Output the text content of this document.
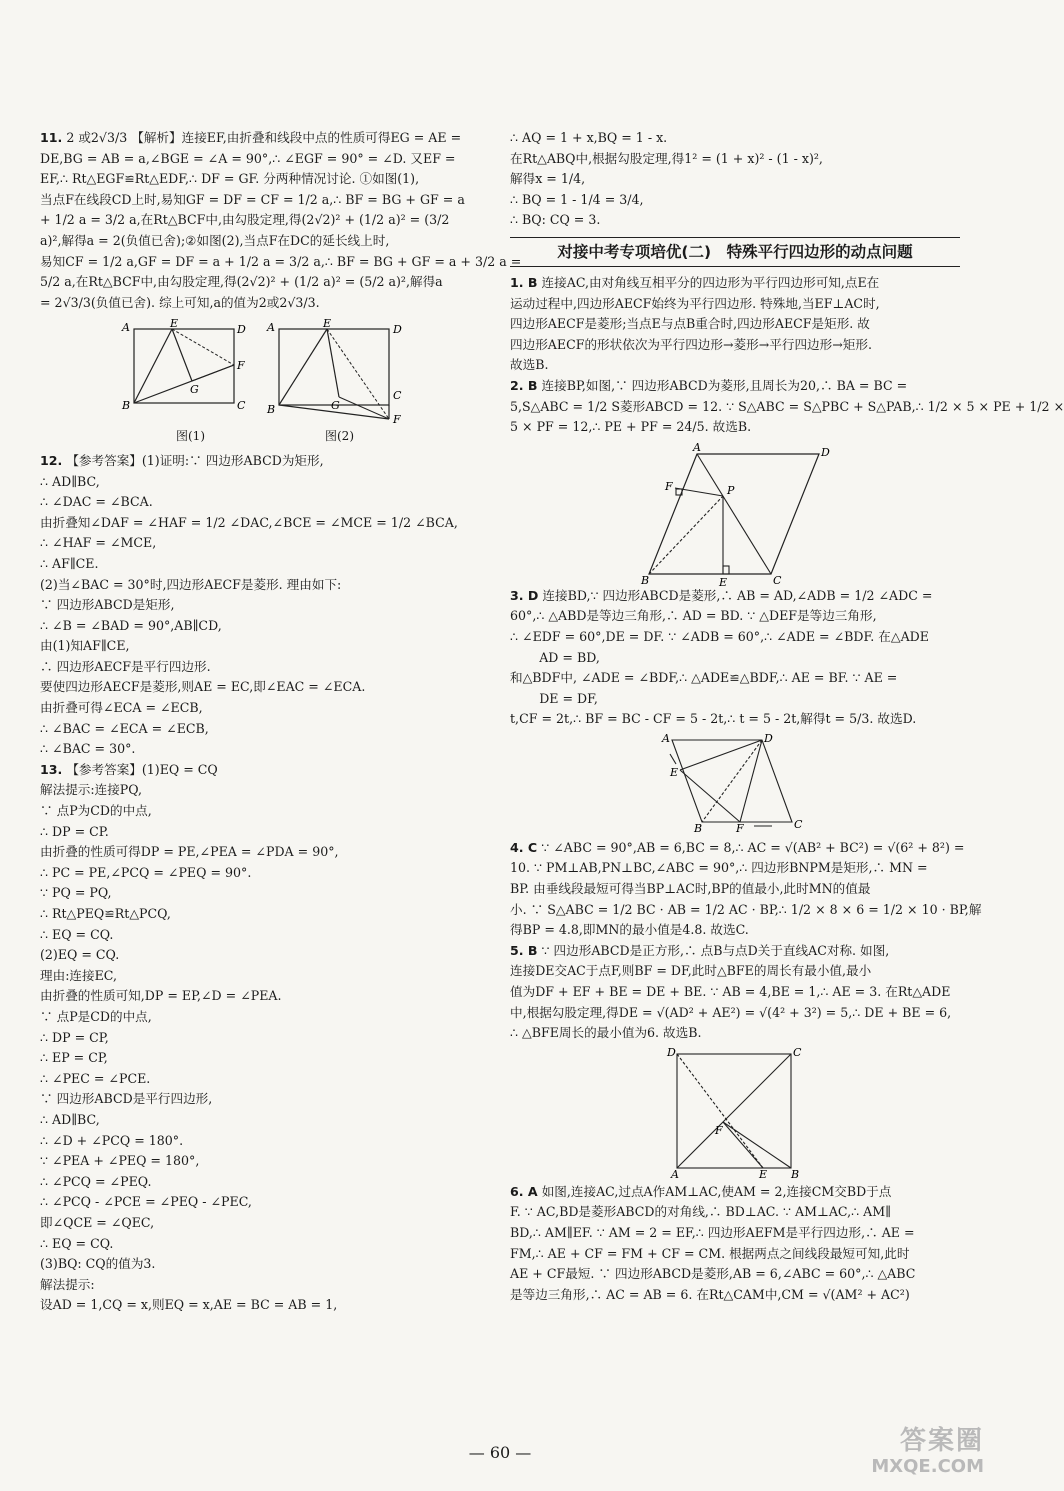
11. 2 或2√3/3 【解析】连接EF,由折叠和线段中点的性质可得EG = AE =

DE,BG = AB = a,∠BGE = ∠A = 90°,∴ ∠EGF = 90° = ∠D. 又EF =

EF,∴ Rt△EGF≌Rt△EDF,∴ DF = GF. 分两种情况讨论. ①如图(1),

当点F在线段CD上时,易知GF = DF = CF = 1/2 a,∴ BF = BG + GF = a

+ 1/2 a = 3/2 a,在Rt△BCF中,由勾股定理,得(2√2)² + (1/2 a)² = (3/2

a)²,解得a = 2(负值已舍);②如图(2),当点F在DC的延长线上时,

易知CF = 1/2 a,GF = DF = a + 1/2 a = 3/2 a,∴ BF = BG + GF = a + 3/2 a =

5/2 a,在Rt△BCF中,由勾股定理,得(2√2)² + (1/2 a)² = (5/2 a)²,解得a

= 2√3/3(负值已舍). 综上可知,a的值为2或2√3/3.

A	E	D
F
G
B	C
A	E	D
G
C
B
F
图(1)	图(2)

12. 【参考答案】(1)证明:∵ 四边形ABCD为矩形,

∴ AD∥BC,

∴ ∠DAC = ∠BCA.

由折叠知∠DAF = ∠HAF = 1/2 ∠DAC,∠BCE = ∠MCE = 1/2 ∠BCA,

∴ ∠HAF = ∠MCE,

∴ AF∥CE.

(2)当∠BAC = 30°时,四边形AECF是菱形. 理由如下:

∵ 四边形ABCD是矩形,

∴ ∠B = ∠BAD = 90°,AB∥CD,

由(1)知AF∥CE,

∴ 四边形AECF是平行四边形.

要使四边形AECF是菱形,则AE = EC,即∠EAC = ∠ECA.

由折叠可得∠ECA = ∠ECB,

∴ ∠BAC = ∠ECA = ∠ECB,

∴ ∠BAC = 30°.

13. 【参考答案】(1)EQ = CQ

解法提示:连接PQ,

∵ 点P为CD的中点,

∴ DP = CP.

由折叠的性质可得DP = PE,∠PEA = ∠PDA = 90°,

∴ PC = PE,∠PCQ = ∠PEQ = 90°.

∵ PQ = PQ,

∴ Rt△PEQ≌Rt△PCQ,

∴ EQ = CQ.

(2)EQ = CQ.

理由:连接EC,

由折叠的性质可知,DP = EP,∠D = ∠PEA.

∵ 点P是CD的中点,

∴ DP = CP,

∴ EP = CP,

∴ ∠PEC = ∠PCE.

∵ 四边形ABCD是平行四边形,

∴ AD∥BC,

∴ ∠D + ∠PCQ = 180°.

∵ ∠PEA + ∠PEQ = 180°,

∴ ∠PCQ = ∠PEQ.

∴ ∠PCQ - ∠PCE = ∠PEQ - ∠PEC,

即∠QCE = ∠QEC,

∴ EQ = CQ.

(3)BQ: CQ的值为3.

解法提示:

设AD = 1,CQ = x,则EQ = x,AE = BC = AB = 1,

∴ AQ = 1 + x,BQ = 1 - x.

在Rt△ABQ中,根据勾股定理,得1² = (1 + x)² - (1 - x)²,

解得x = 1/4,

∴ BQ = 1 - 1/4 = 3/4,

∴ BQ: CQ = 3.

对接中考专项培优(二)　特殊平行四边形的动点问题

1. B 连接AC,由对角线互相平分的四边形为平行四边形可知,点E在

运动过程中,四边形AECF始终为平行四边形. 特殊地,当EF⊥AC时,

四边形AECF是菱形;当点E与点B重合时,四边形AECF是矩形. 故

四边形AECF的形状依次为平行四边形→菱形→平行四边形→矩形.

故选B.

2. B 连接BP,如图,∵ 四边形ABCD为菱形,且周长为20,∴ BA = BC =

5,S△ABC = 1/2 S菱形ABCD = 12. ∵ S△ABC = S△PBC + S△PAB,∴ 1/2 × 5 × PE + 1/2 ×

5 × PF = 12,∴ PE + PF = 24/5. 故选B.

A	D
F	P
B	E	C

3. D 连接BD,∵ 四边形ABCD是菱形,∴ AB = AD,∠ADB = 1/2 ∠ADC =

60°,∴ △ABD是等边三角形,∴ AD = BD. ∵ △DEF是等边三角形,

∴ ∠EDF = 60°,DE = DF. ∵ ∠ADB = 60°,∴ ∠ADE = ∠BDF. 在△ADE

　　 AD = BD,

和△BDF中, ∠ADE = ∠BDF,∴ △ADE≌△BDF,∴ AE = BF. ∵ AE =

　　 DE = DF,

t,CF = 2t,∴ BF = BC - CF = 5 - 2t,∴ t = 5 - 2t,解得t = 5/3. 故选D.

A	D
E
B	F	C

4. C ∵ ∠ABC = 90°,AB = 6,BC = 8,∴ AC = √(AB² + BC²) = √(6² + 8²) =

10. ∵ PM⊥AB,PN⊥BC,∠ABC = 90°,∴ 四边形BNPM是矩形,∴ MN =

BP. 由垂线段最短可得当BP⊥AC时,BP的值最小,此时MN的值最

小. ∵ S△ABC = 1/2 BC · AB = 1/2 AC · BP,∴ 1/2 × 8 × 6 = 1/2 × 10 · BP,解

得BP = 4.8,即MN的最小值是4.8. 故选C.

5. B ∵ 四边形ABCD是正方形,∴ 点B与点D关于直线AC对称. 如图,

连接DE交AC于点F,则BF = DF,此时△BFE的周长有最小值,最小

值为DF + EF + BE = DE + BE. ∵ AB = 4,BE = 1,∴ AE = 3. 在Rt△ADE

中,根据勾股定理,得DE = √(AD² + AE²) = √(4² + 3²) = 5,∴ DE + BE = 6,

∴ △BFE周长的最小值为6. 故选B.

D	C
F
A	E B

6. A 如图,连接AC,过点A作AM⊥AC,使AM = 2,连接CM交BD于点

F. ∵ AC,BD是菱形ABCD的对角线,∴ BD⊥AC. ∵ AM⊥AC,∴ AM∥

BD,∴ AM∥EF. ∵ AM = 2 = EF,∴ 四边形AEFM是平行四边形,∴ AE =

FM,∴ AE + CF = FM + CF = CM. 根据两点之间线段最短可知,此时

AE + CF最短. ∵ 四边形ABCD是菱形,AB = 6,∠ABC = 60°,∴ △ABC

是等边三角形,∴ AC = AB = 6. 在Rt△CAM中,CM = √(AM² + AC²)

— 60 —	答案圈
MXQE.COM
